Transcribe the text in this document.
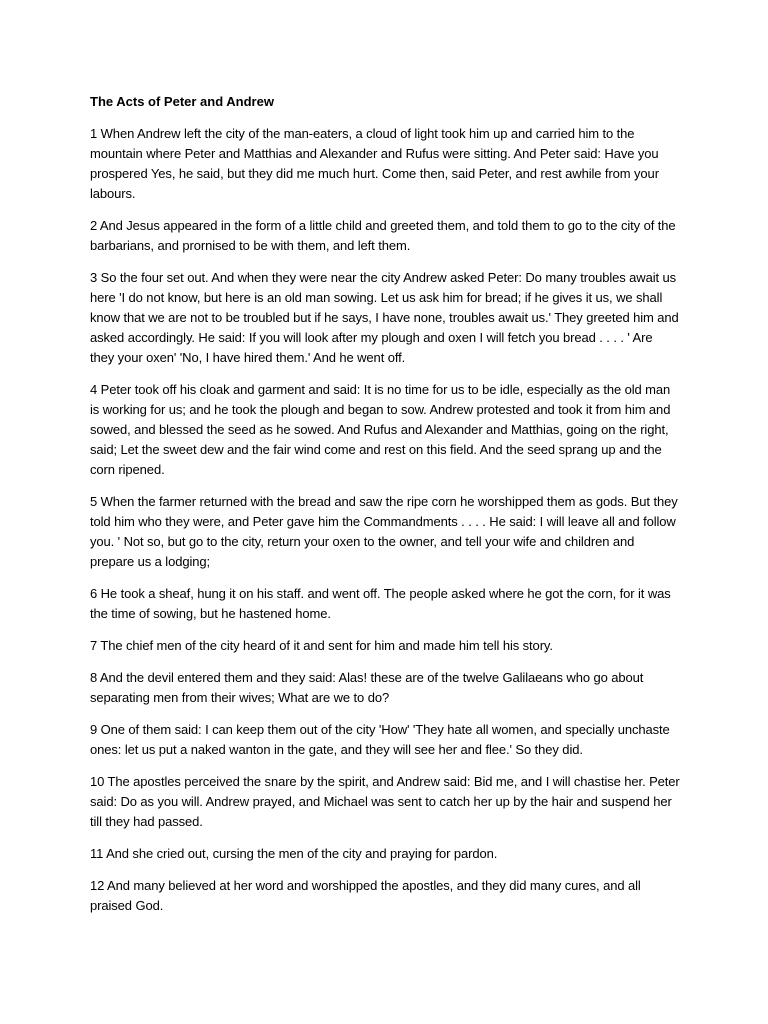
The Acts of Peter and Andrew

1 When Andrew left the city of the man-eaters, a cloud of light took him up and carried him to the mountain where Peter and Matthias and Alexander and Rufus were sitting. And Peter said: Have you prospered Yes, he said, but they did me much hurt. Come then, said Peter, and rest awhile from your labours.

2 And Jesus appeared in the form of a little child and greeted them, and told them to go to the city of the barbarians, and prornised to be with them, and left them.

3 So the four set out. And when they were near the city Andrew asked Peter: Do many troubles await us here 'I do not know, but here is an old man sowing. Let us ask him for bread; if he gives it us, we shall know that we are not to be troubled but if he says, I have none, troubles await us.' They greeted him and asked accordingly. He said: If you will look after my plough and oxen I will fetch you bread . . . . ' Are they your oxen' 'No, I have hired them.' And he went off.

4 Peter took off his cloak and garment and said: It is no time for us to be idle, especially as the old man is working for us; and he took the plough and began to sow. Andrew protested and took it from him and sowed, and blessed the seed as he sowed. And Rufus and Alexander and Matthias, going on the right, said; Let the sweet dew and the fair wind come and rest on this field. And the seed sprang up and the corn ripened.

5 When the farmer returned with the bread and saw the ripe corn he worshipped them as gods. But they told him who they were, and Peter gave him the Commandments . . . . He said: I will leave all and follow you. ' Not so, but go to the city, return your oxen to the owner, and tell your wife and children and prepare us a lodging;

6 He took a sheaf, hung it on his staff. and went off. The people asked where he got the corn, for it was the time of sowing, but he hastened home.

7 The chief men of the city heard of it and sent for him and made him tell his story.

8 And the devil entered them and they said: Alas! these are of the twelve Galilaeans who go about separating men from their wives; What are we to do?

9 One of them said: I can keep them out of the city 'How' 'They hate all women, and specially unchaste ones: let us put a naked wanton in the gate, and they will see her and flee.' So they did.

10 The apostles perceived the snare by the spirit, and Andrew said: Bid me, and I will chastise her. Peter said: Do as you will. Andrew prayed, and Michael was sent to catch her up by the hair and suspend her till they had passed.

11 And she cried out, cursing the men of the city and praying for pardon.

12 And many believed at her word and worshipped the apostles, and they did many cures, and all praised God.
